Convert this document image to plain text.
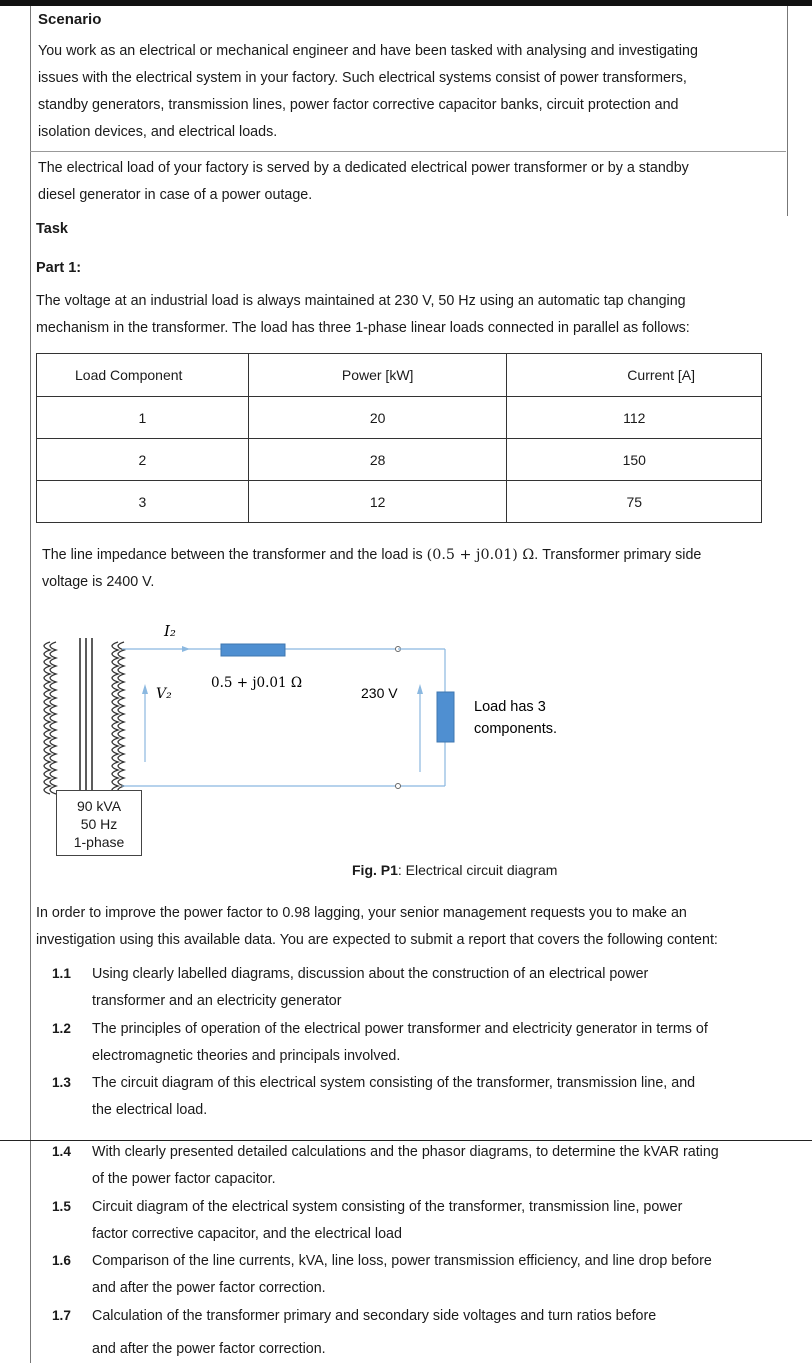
Scenario
You work as an electrical or mechanical engineer and have been tasked with analysing and investigating
issues with the electrical system in your factory. Such electrical systems consist of power transformers,
standby generators, transmission lines, power factor corrective capacitor banks, circuit protection and
isolation devices, and electrical loads.
The electrical load of your factory is served by a dedicated electrical power transformer or by a standby
diesel generator in case of a power outage.
Task
Part 1:
The voltage at an industrial load is always maintained at 230 V, 50 Hz using an automatic tap changing
mechanism in the transformer. The load has three 1-phase linear loads connected in parallel as follows:
Load Component	Power [kW]	Current [A]
1	20	112
2	28	150
3	12	75
The line impedance between the transformer and the load is (0.5 + j0.01) Ω. Transformer primary side
voltage is 2400 V.
I₂
V₂
0.5 + j0.01 Ω
230 V
Load has 3
components.
90 kVA
50 Hz
1-phase
Fig. P1: Electrical circuit diagram
In order to improve the power factor to 0.98 lagging, your senior management requests you to make an
investigation using this available data. You are expected to submit a report that covers the following content:
1.1 Using clearly labelled diagrams, discussion about the construction of an electrical power
transformer and an electricity generator
1.2 The principles of operation of the electrical power transformer and electricity generator in terms of
electromagnetic theories and principals involved.
1.3 The circuit diagram of this electrical system consisting of the transformer, transmission line, and
the electrical load.
1.4 With clearly presented detailed calculations and the phasor diagrams, to determine the kVAR rating
of the power factor capacitor.
1.5 Circuit diagram of the electrical system consisting of the transformer, transmission line, power
factor corrective capacitor, and the electrical load
1.6 Comparison of the line currents, kVA, line loss, power transmission efficiency, and line drop before
and after the power factor correction.
1.7 Calculation of the transformer primary and secondary side voltages and turn ratios before
and after the power factor correction.
